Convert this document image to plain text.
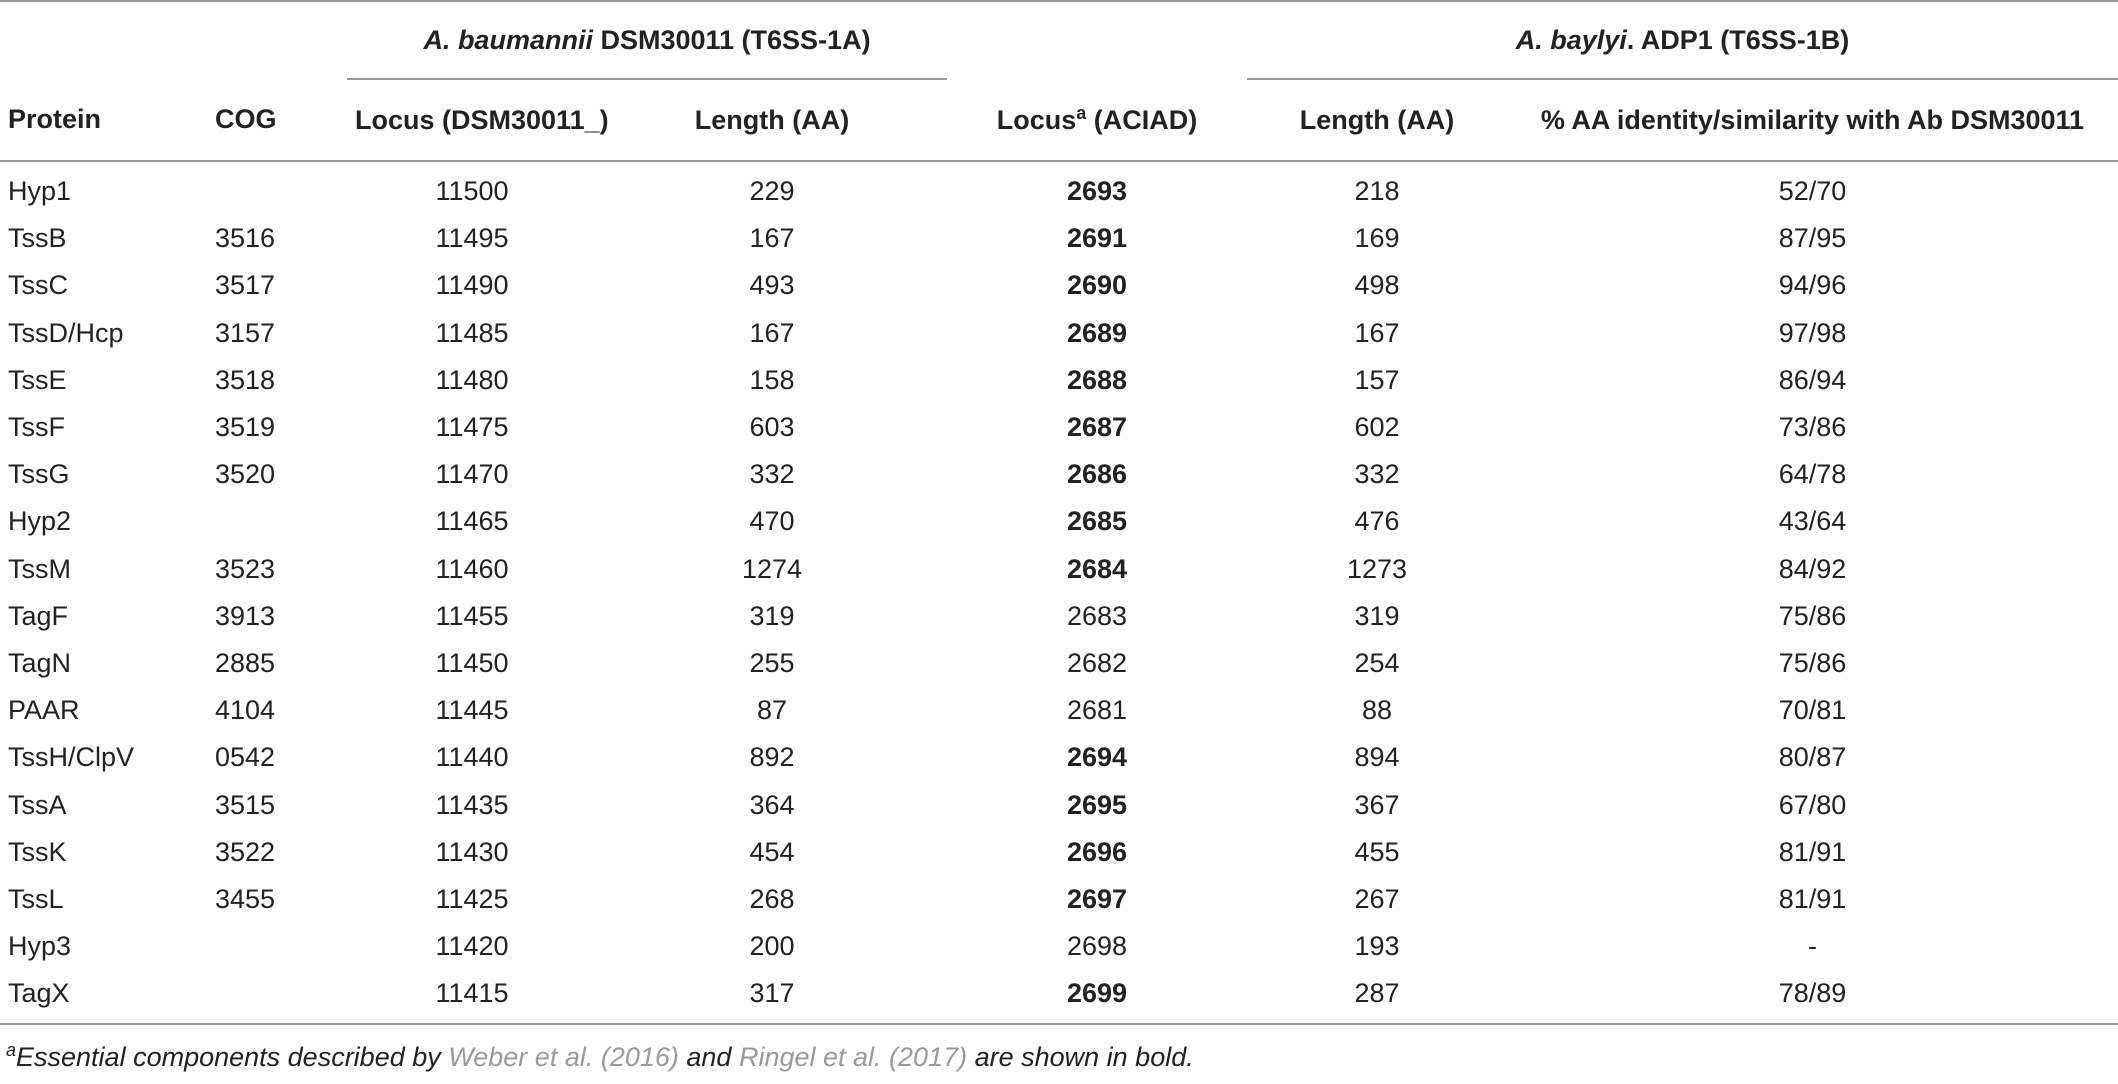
		A. baumannii DSM30011 (T6SS-1A)			A. baylyi. ADP1 (T6SS-1B)	
Protein	COG	Locus (DSM30011_)	Length (AA)	Locus$^a$ (ACIAD)	Length (AA)	% AA identity/similarity with Ab DSM30011
Hyp1		11500	229	2693	218	52/70
TssB	3516	11495	167	2691	169	87/95
TssC	3517	11490	493	2690	498	94/96
TssD/Hcp	3157	11485	167	2689	167	97/98
TssE	3518	11480	158	2688	157	86/94
TssF	3519	11475	603	2687	602	73/86
TssG	3520	11470	332	2686	332	64/78
Hyp2		11465	470	2685	476	43/64
TssM	3523	11460	1274	2684	1273	84/92
TagF	3913	11455	319	2683	319	75/86
TagN	2885	11450	255	2682	254	75/86
PAAR	4104	11445	87	2681	88	70/81
TssH/ClpV	0542	11440	892	2694	894	80/87
TssA	3515	11435	364	2695	367	67/80
TssK	3522	11430	454	2696	455	81/91
TssL	3455	11425	268	2697	267	81/91
Hyp3		11420	200	2698	193	-
TagX		11415	317	2699	287	78/89
$^a$Essential components described by Weber et al. (2016) and Ringel et al. (2017) are shown in bold.
